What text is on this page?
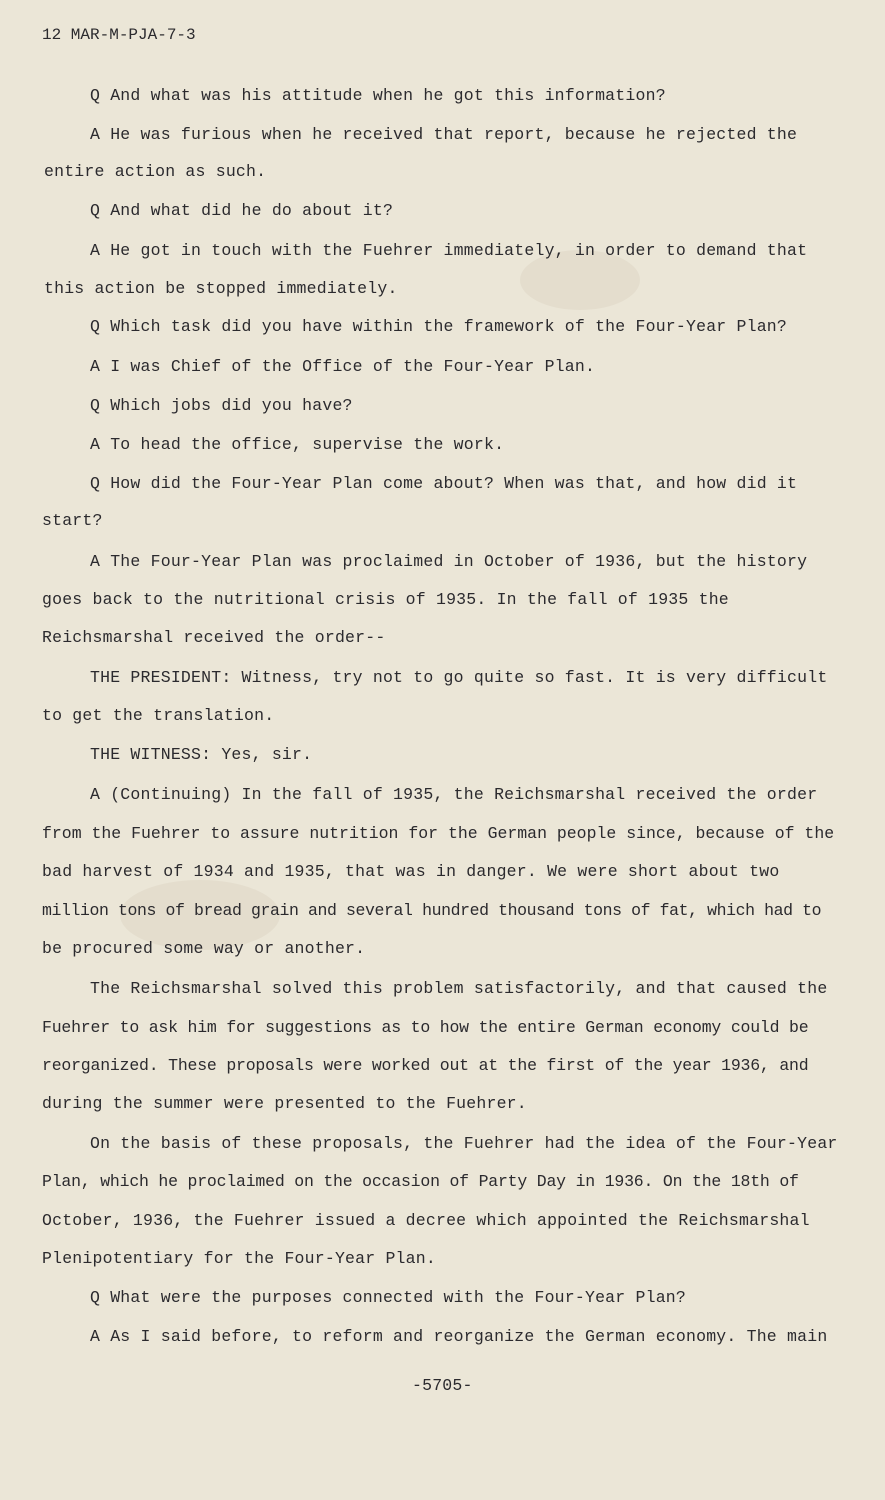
12 MAR-M-PJA-7-3
Q And what was his attitude when he got this information?
A He was furious when he received that report, because he rejected the
entire action as such.
Q And what did he do about it?
A He got in touch with the Fuehrer immediately, in order to demand that
this action be stopped immediately.
Q Which task did you have within the framework of the Four-Year Plan?
A I was Chief of the Office of the Four-Year Plan.
Q Which jobs did you have?
A To head the office, supervise the work.
Q How did the Four-Year Plan come about? When was that, and how did it
start?
A The Four-Year Plan was proclaimed in October of 1936, but the history
goes back to the nutritional crisis of 1935. In the fall of 1935 the
Reichsmarshal received the order--
THE PRESIDENT: Witness, try not to go quite so fast. It is very difficult
to get the translation.
THE WITNESS: Yes, sir.
A (Continuing) In the fall of 1935, the Reichsmarshal received the order
from the Fuehrer to assure nutrition for the German people since, because of the
bad harvest of 1934 and 1935, that was in danger. We were short about two
million tons of bread grain and several hundred thousand tons of fat, which had to
be procured some way or another.
The Reichsmarshal solved this problem satisfactorily, and that caused the
Fuehrer to ask him for suggestions as to how the entire German economy could be
reorganized. These proposals were worked out at the first of the year 1936, and
during the summer were presented to the Fuehrer.
On the basis of these proposals, the Fuehrer had the idea of the Four-Year
Plan, which he proclaimed on the occasion of Party Day in 1936. On the 18th of
October, 1936, the Fuehrer issued a decree which appointed the Reichsmarshal
Plenipotentiary for the Four-Year Plan.
Q What were the purposes connected with the Four-Year Plan?
A As I said before, to reform and reorganize the German economy. The main
-5705-
